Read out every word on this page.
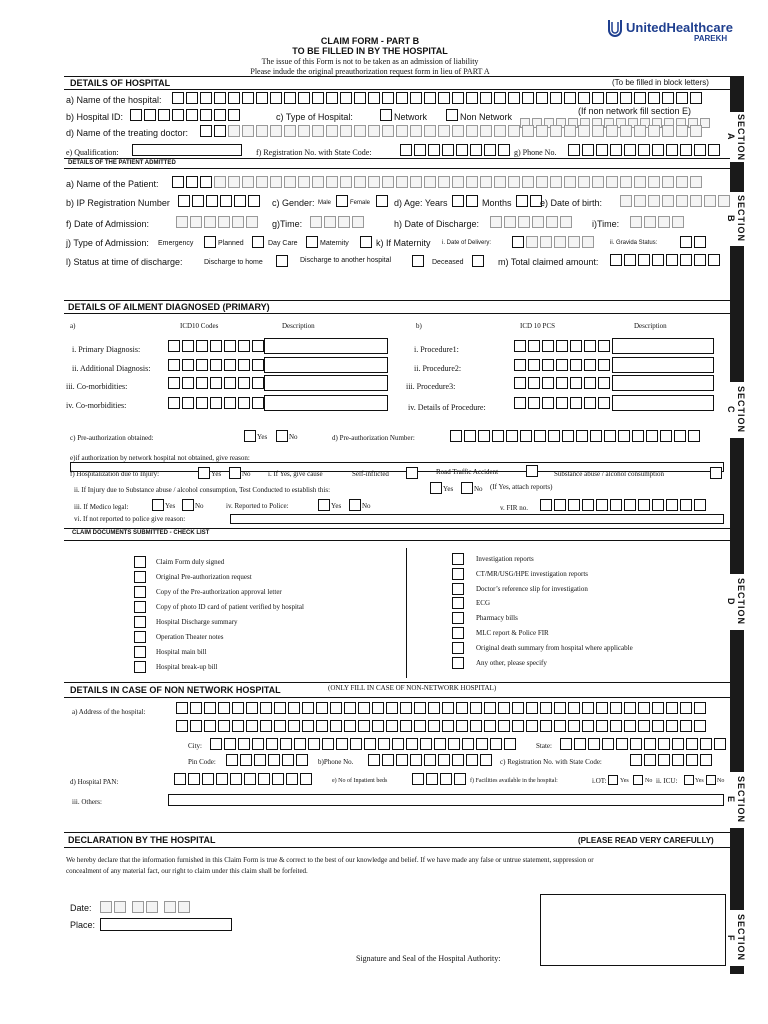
CLAIM FORM - PART B
TO BE FILLED IN BY THE HOSPITAL
The issue of this Form is not to be taken as an admission of liability
Please indude the original preauthorization request form in lieu of PART A
UnitedHealthcare
PAREKH
SECTION A
SECTION B
SECTION C
SECTION D
SECTION E
SECTION F
DETAILS OF HOSPITAL	(To be filled in block letters)
a) Name of the hospital:
b) Hospital ID:	c) Type of Hospital:	Network	Non Network
(If non network fill section E)
d) Name of the treating doctor:
e) Qualification:	f) Registration No. with State Code:	g) Phone No.
DETAILS OF THE PATIENT ADMITTED
a) Name of the Patient:
b) IP Registration Number	c) Gender: Male	Female	d) Age: Years	Months	e) Date of birth:
f) Date of Admission:	g)Time:	h) Date of Discharge:	i)Time:
j) Type of Admission: Emergency	Planned	Day Care	Maternity	k) If Maternity i. Date of Delivery:	ii. Gravida Status:
l) Status at time of discharge:	Discharge to home	Discharge to another hospital	Deceased	m) Total claimed amount:
DETAILS OF AILMENT DIAGNOSED (PRIMARY)
a)	ICD10 Codes	Description	b)	ICD 10 PCS	Description
i. Primary Diagnosis:	i. Procedure1:
ii. Additional Diagnosis:	ii. Procedure2:
iii. Co-morbidities:	iii. Procedure3:
iv. Co-morbidities:	iv. Details of Procedure:
c) Pre-authorization obtained:	Yes	No	d) Pre-authorization Number:
e)if authorization by network hospital not obtained, give reason:
f) Hospitalization due to Injury:	Yes	No i. If Yes, give cause	Self-inflicted	Road Traffic Accident	Substance abuse / alcohol consumption
ii. If Injury due to Substance abuse / alcohol consumption, Test Conducted to establish this:	Yes	No (If Yes, attach reports)
iii. If Medico legal:	Yes	No	iv. Reported to Police:	Yes	No	v. FIR no.
vi. If not reported to police give reason:
CLAIM DOCUMENTS SUBMITTED - CHECK LIST
Claim Form duly signed
Original Pre-authorization request
Copy of the Pre-authorization approval letter
Copy of photo ID card of patient verified by hospital
Hospital Discharge summary
Operation Theater notes
Hospital main bill
Hospital break-up bill
Investigation reports
CT/MR/USG/HPE investigation reports
Doctor’s reference slip for investigation
ECG
Pharmacy bills
MLC report & Police FIR
Original death summary from hospital where applicable
Any other, please specify
DETAILS IN CASE OF NON NETWORK HOSPITAL	(ONLY FILL IN CASE OF NON-NETWORK HOSPITAL)
a) Address of the hospital:
City:	State:
Pin Code:	b)Phone No.	c) Registration No. with State Code:
d) Hospital PAN:	e) No of Inpatient beds	f) Facilities available in the hospital:	i.OT: Yes	No ii. ICU:	Yes No
iii. Others:
DECLARATION BY THE HOSPITAL	(PLEASE READ VERY CAREFULLY)
We hereby declare that the information furnished in this Claim Form is true & correct to the best of our knowledge and belief. If we have made any false or untrue statement, suppression or
concealment of any material fact, our right to claim under this claim shall be forfeited.
Date:
Place:
Signature and Seal of the Hospital Authority:
